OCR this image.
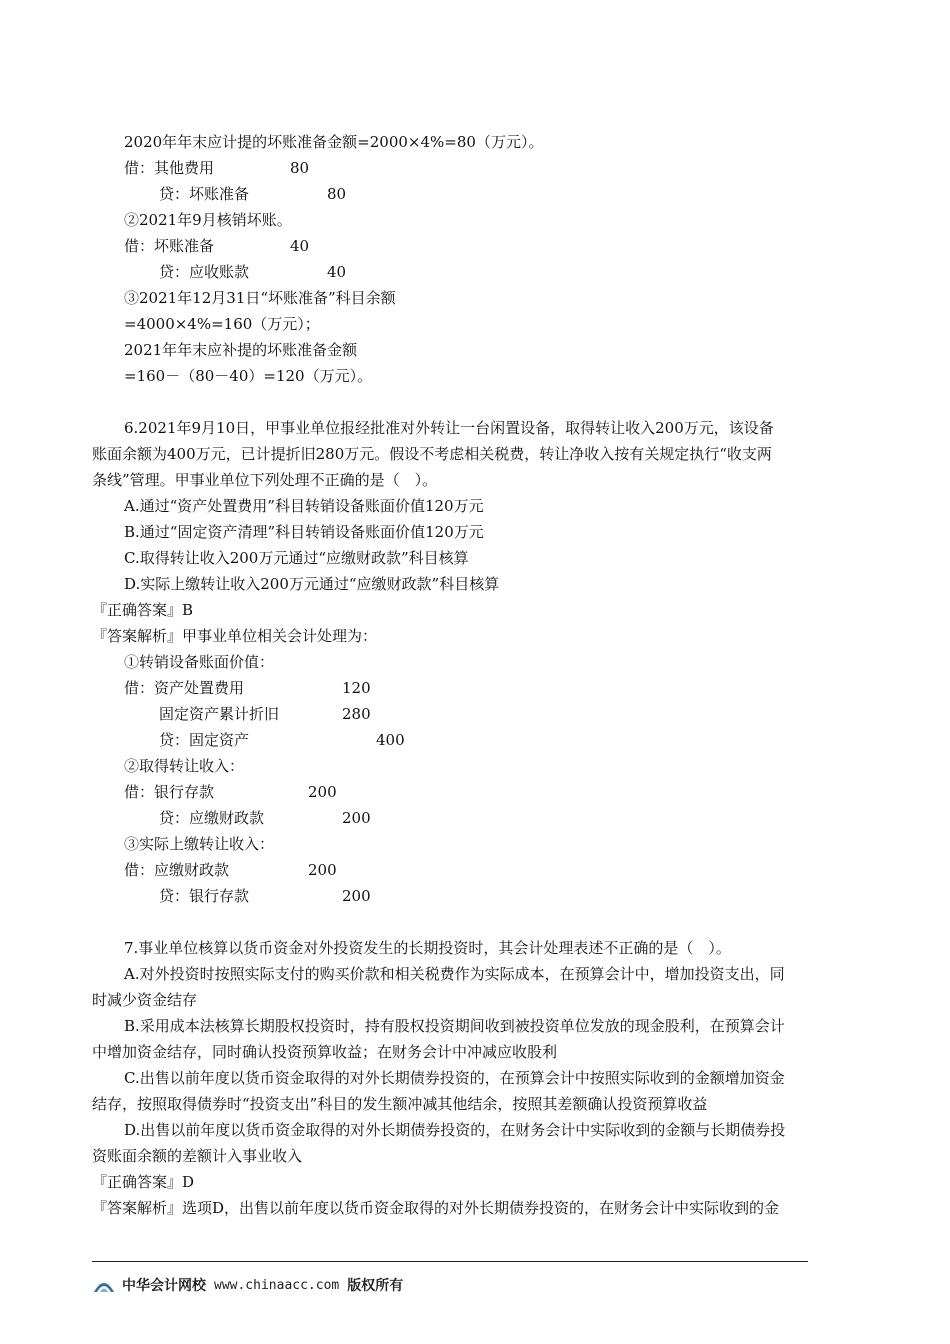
2020年年末应计提的坏账准备金额=2000×4%=80（万元）。
借：其他费用	80
贷：坏账准备	80
②2021年9月核销坏账。
借：坏账准备	40
贷：应收账款	40
③2021年12月31日“坏账准备”科目余额
=4000×4%=160（万元）；
2021年年末应补提的坏账准备金额
=160－（80－40）=120（万元）。
6.2021年9月10日，甲事业单位报经批准对外转让一台闲置设备，取得转让收入200万元，该设备
账面余额为400万元，已计提折旧280万元。假设不考虑相关税费，转让净收入按有关规定执行“收支两
条线”管理。甲事业单位下列处理不正确的是（　）。
A.通过“资产处置费用”科目转销设备账面价值120万元
B.通过“固定资产清理”科目转销设备账面价值120万元
C.取得转让收入200万元通过“应缴财政款”科目核算
D.实际上缴转让收入200万元通过“应缴财政款”科目核算
『正确答案』B
『答案解析』甲事业单位相关会计处理为：
①转销设备账面价值：
借：资产处置费用	120
固定资产累计折旧	280
贷：固定资产	400
②取得转让收入：
借：银行存款	200
贷：应缴财政款	200
③实际上缴转让收入：
借：应缴财政款	200
贷：银行存款	200
7.事业单位核算以货币资金对外投资发生的长期投资时，其会计处理表述不正确的是（　）。
A.对外投资时按照实际支付的购买价款和相关税费作为实际成本，在预算会计中，增加投资支出，同
时减少资金结存
B.采用成本法核算长期股权投资时，持有股权投资期间收到被投资单位发放的现金股利，在预算会计
中增加资金结存，同时确认投资预算收益；在财务会计中冲减应收股利
C.出售以前年度以货币资金取得的对外长期债券投资的，在预算会计中按照实际收到的金额增加资金
结存，按照取得债券时“投资支出”科目的发生额冲减其他结余，按照其差额确认投资预算收益
D.出售以前年度以货币资金取得的对外长期债券投资的，在财务会计中实际收到的金额与长期债券投
资账面余额的差额计入事业收入
『正确答案』D
『答案解析』选项D，出售以前年度以货币资金取得的对外长期债券投资的，在财务会计中实际收到的金
中华会计网校 www.chinaacc.com 版权所有
